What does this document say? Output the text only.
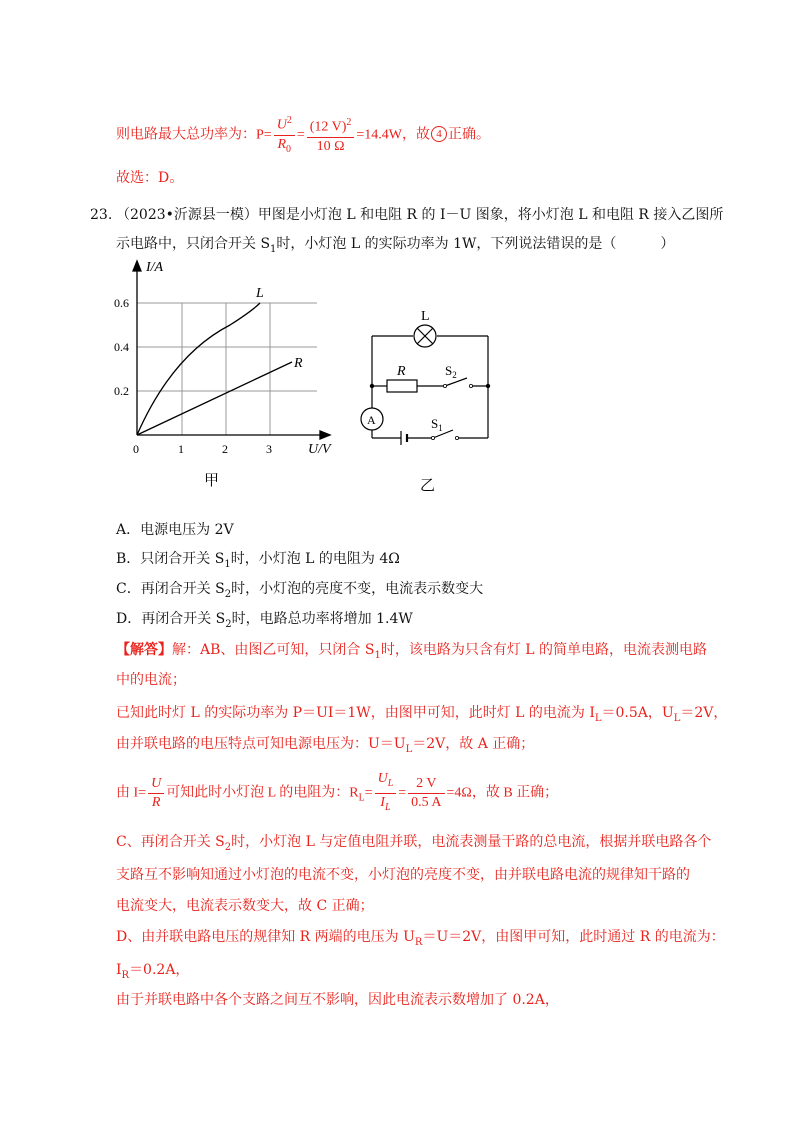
则电路最大总功率为：$P= \frac{U^2}{R_0} = \frac{(12 V)^2}{10 \Omega} =14.4W$，故 4 正确。
故选：D。
23. （2023•沂源县一模）甲图是小灯泡 L 和电阻 R 的 I－U 图象，将小灯泡 L 和电阻 R 接入乙图所
示电路中，只闭合开关 $S_1$时，小灯泡 L 的实际功率为 1W，下列说法错误的是（	）
I/A
U/V
0.2
0.4
0.6
0	1	2	3
L
R
甲
L
R	$S_2$
$S_1$
A
乙
A．电源电压为 2V
B．只闭合开关 $S_1$时，小灯泡 L 的电阻为 4Ω
C．再闭合开关 $S_2$时，小灯泡的亮度不变，电流表示数变大
D．再闭合开关 $S_2$时，电路总功率将增加 1.4W
【解答】解：AB、由图乙可知，只闭合 $S_1$时，该电路为只含有灯 L 的简单电路，电流表测电路
中的电流；
已知此时灯 L 的实际功率为 P＝UI＝1W，由图甲可知，此时灯 L 的电流为 $I_L=0.5A$，$U_L=2V$，
由并联电路的电压特点可知电源电压为：$U=U_L=2V$，故 A 正确；
由 $I= \frac{U}{R}$ 可知此时小灯泡 L 的电阻为：$R_L= \frac{U_L}{I_L} = \frac{2 V}{0.5 A} =4\Omega$，故 B 正确；
C、再闭合开关 $S_2$时，小灯泡 L 与定值电阻并联，电流表测量干路的总电流，根据并联电路各个
支路互不影响知通过小灯泡的电流不变，小灯泡的亮度不变，由并联电路电流的规律知干路的
电流变大，电流表示数变大，故 C 正确；
D、由并联电路电压的规律知 R 两端的电压为 $U_R=U=2V$，由图甲可知，此时通过 R 的电流为：
$I_R=0.2A$，
由于并联电路中各个支路之间互不影响，因此电流表示数增加了 0.2A，
